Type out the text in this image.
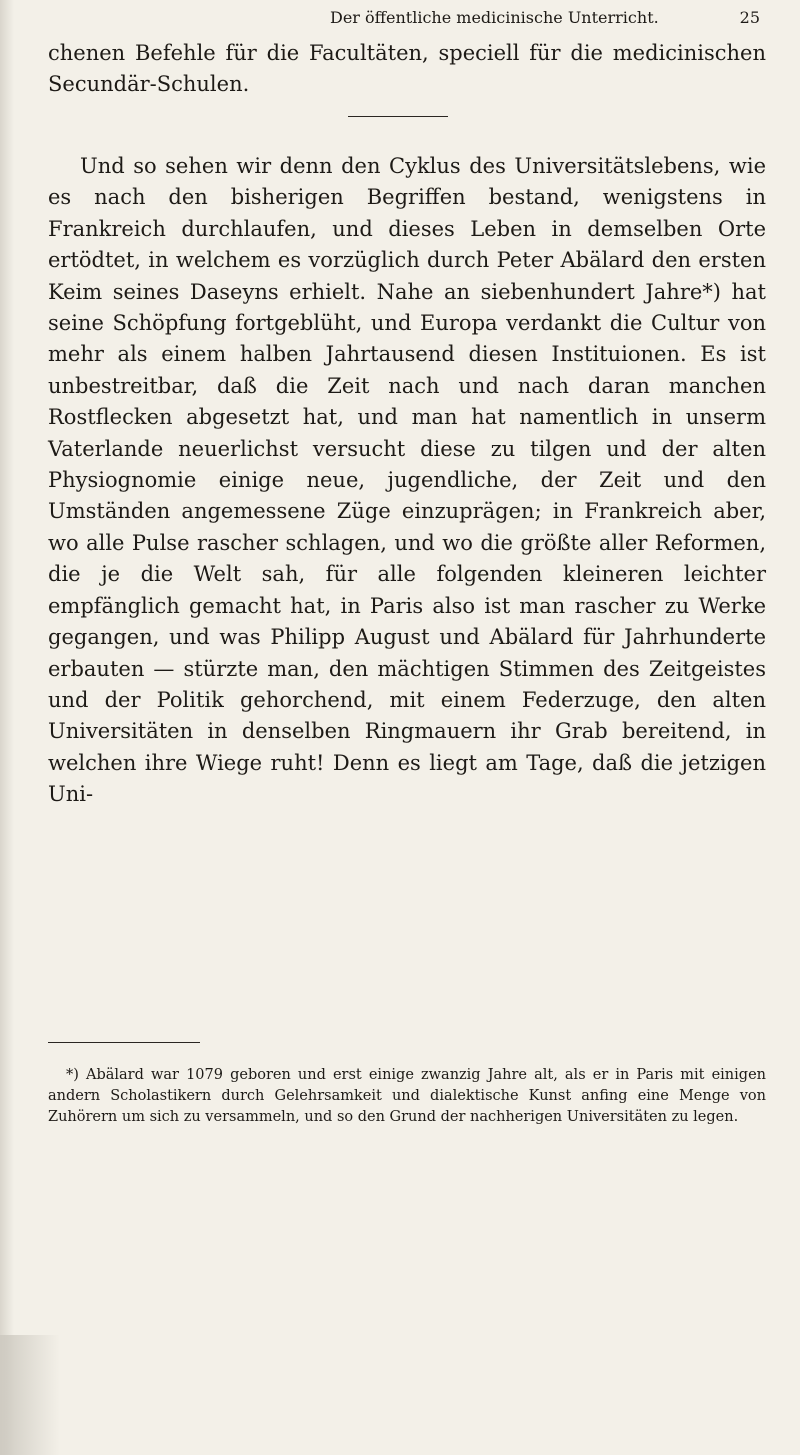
Der öffentliche medicinische Unterricht.	25

chenen Befehle für die Facultäten, speciell für die medicinischen Secundär-Schulen.

Und so sehen wir denn den Cyklus des Universitätslebens, wie es nach den bisherigen Begriffen bestand, wenigstens in Frankreich durchlaufen, und dieses Leben in demselben Orte ertödtet, in welchem es vorzüglich durch Peter Abälard den ersten Keim seines Daseyns erhielt. Nahe an siebenhundert Jahre*) hat seine Schöpfung fortgeblüht, und Europa verdankt die Cultur von mehr als einem halben Jahrtausend diesen Instituionen. Es ist unbestreitbar, daß die Zeit nach und nach daran manchen Rostflecken abgesetzt hat, und man hat namentlich in unserm Vaterlande neuerlichst versucht diese zu tilgen und der alten Physiognomie einige neue, jugendliche, der Zeit und den Umständen angemessene Züge einzuprägen; in Frankreich aber, wo alle Pulse rascher schlagen, und wo die größte aller Reformen, die je die Welt sah, für alle folgenden kleineren leichter empfänglich gemacht hat, in Paris also ist man rascher zu Werke gegangen, und was Philipp August und Abälard für Jahrhunderte erbauten — stürzte man, den mächtigen Stimmen des Zeitgeistes und der Politik gehorchend, mit einem Federzuge, den alten Universitäten in denselben Ringmauern ihr Grab bereitend, in welchen ihre Wiege ruht! Denn es liegt am Tage, daß die jetzigen Uni-

*) Abälard war 1079 geboren und erst einige zwanzig Jahre alt, als er in Paris mit einigen andern Scholastikern durch Gelehrsamkeit und dialektische Kunst anfing eine Menge von Zuhörern um sich zu versammeln, und so den Grund der nachherigen Universitäten zu legen.
